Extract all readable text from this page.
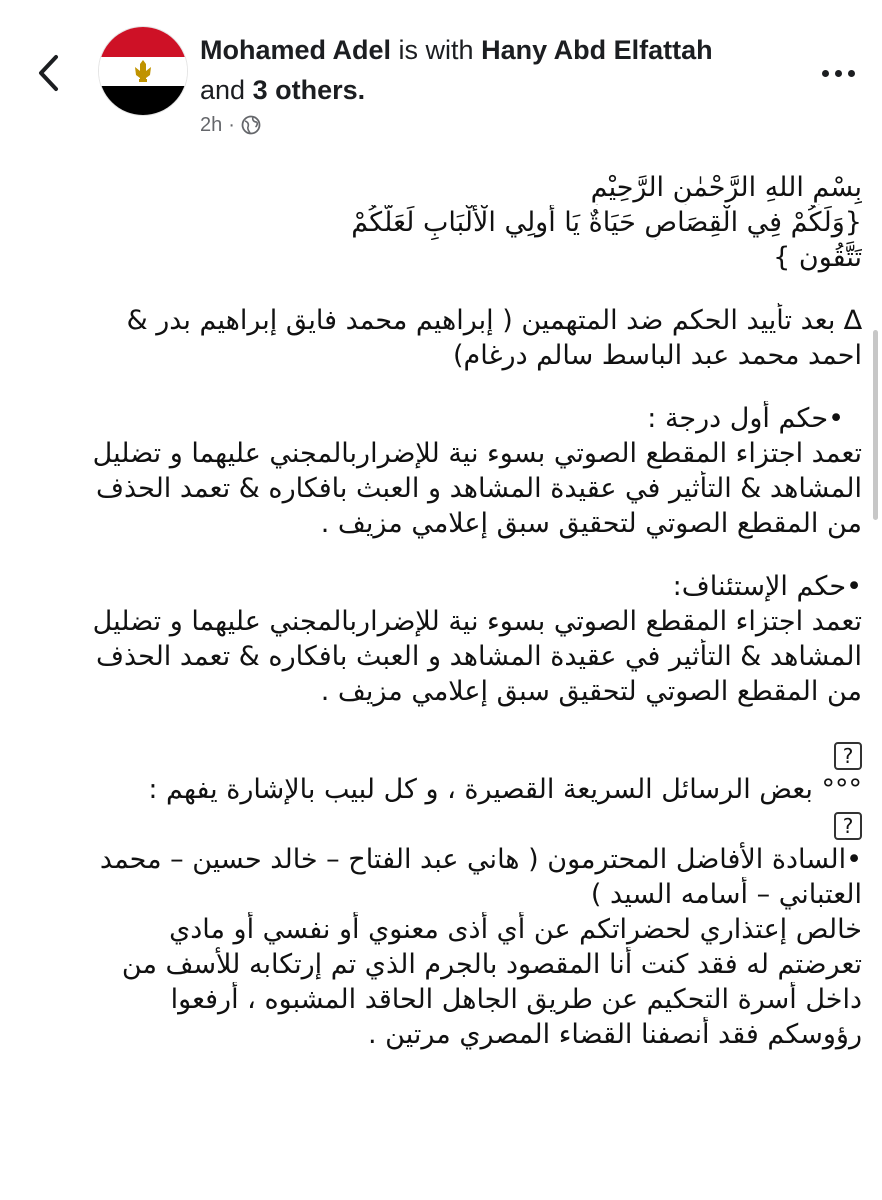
Mohamed Adel is with Hany Abd Elfattah and 3 others.
2h ·
بِسْمِ اللهِ الرَّحْمٰنِ الرَّحِيْمِ
{وَلَكُمْ فِي الْقِصَاصِ حَيَاةٌ يَا أُولِي الْأَلْبَابِ لَعَلَّكُمْ
تَتَّقُون }
∆ بعد تأييد الحكم ضد المتهمين ( إبراهيم محمد فايق إبراهيم بدر &
احمد محمد عبد الباسط سالم درغام)
•حكم أول درجة :
تعمد اجتزاء المقطع الصوتي بسوء نية للإضراربالمجني عليهما و تضليل
المشاهد & التأثير في عقيدة المشاهد و العبث بافكاره & تعمد الحذف
من المقطع الصوتي لتحقيق سبق إعلامي مزيف .
•حكم الإستئناف:
تعمد اجتزاء المقطع الصوتي بسوء نية للإضراربالمجني عليهما و تضليل
المشاهد & التأثير في عقيدة المشاهد و العبث بافكاره & تعمد الحذف
من المقطع الصوتي لتحقيق سبق إعلامي مزيف .
?
°°° بعض الرسائل السريعة القصيرة ، و كل لبيب بالإشارة يفهم :
?
•السادة الأفاضل المحترمون ( هاني عبد الفتاح – خالد حسين – محمد
العتباني – أسامه السيد )
خالص إعتذاري لحضراتكم عن أي أذى معنوي أو نفسي أو مادي
تعرضتم له فقد كنت أنا المقصود بالجرم الذي تم إرتكابه للأسف من
داخل أسرة التحكيم عن طريق الجاهل الحاقد المشبوه ، أرفعوا
رؤوسكم فقد أنصفنا القضاء المصري مرتين .
